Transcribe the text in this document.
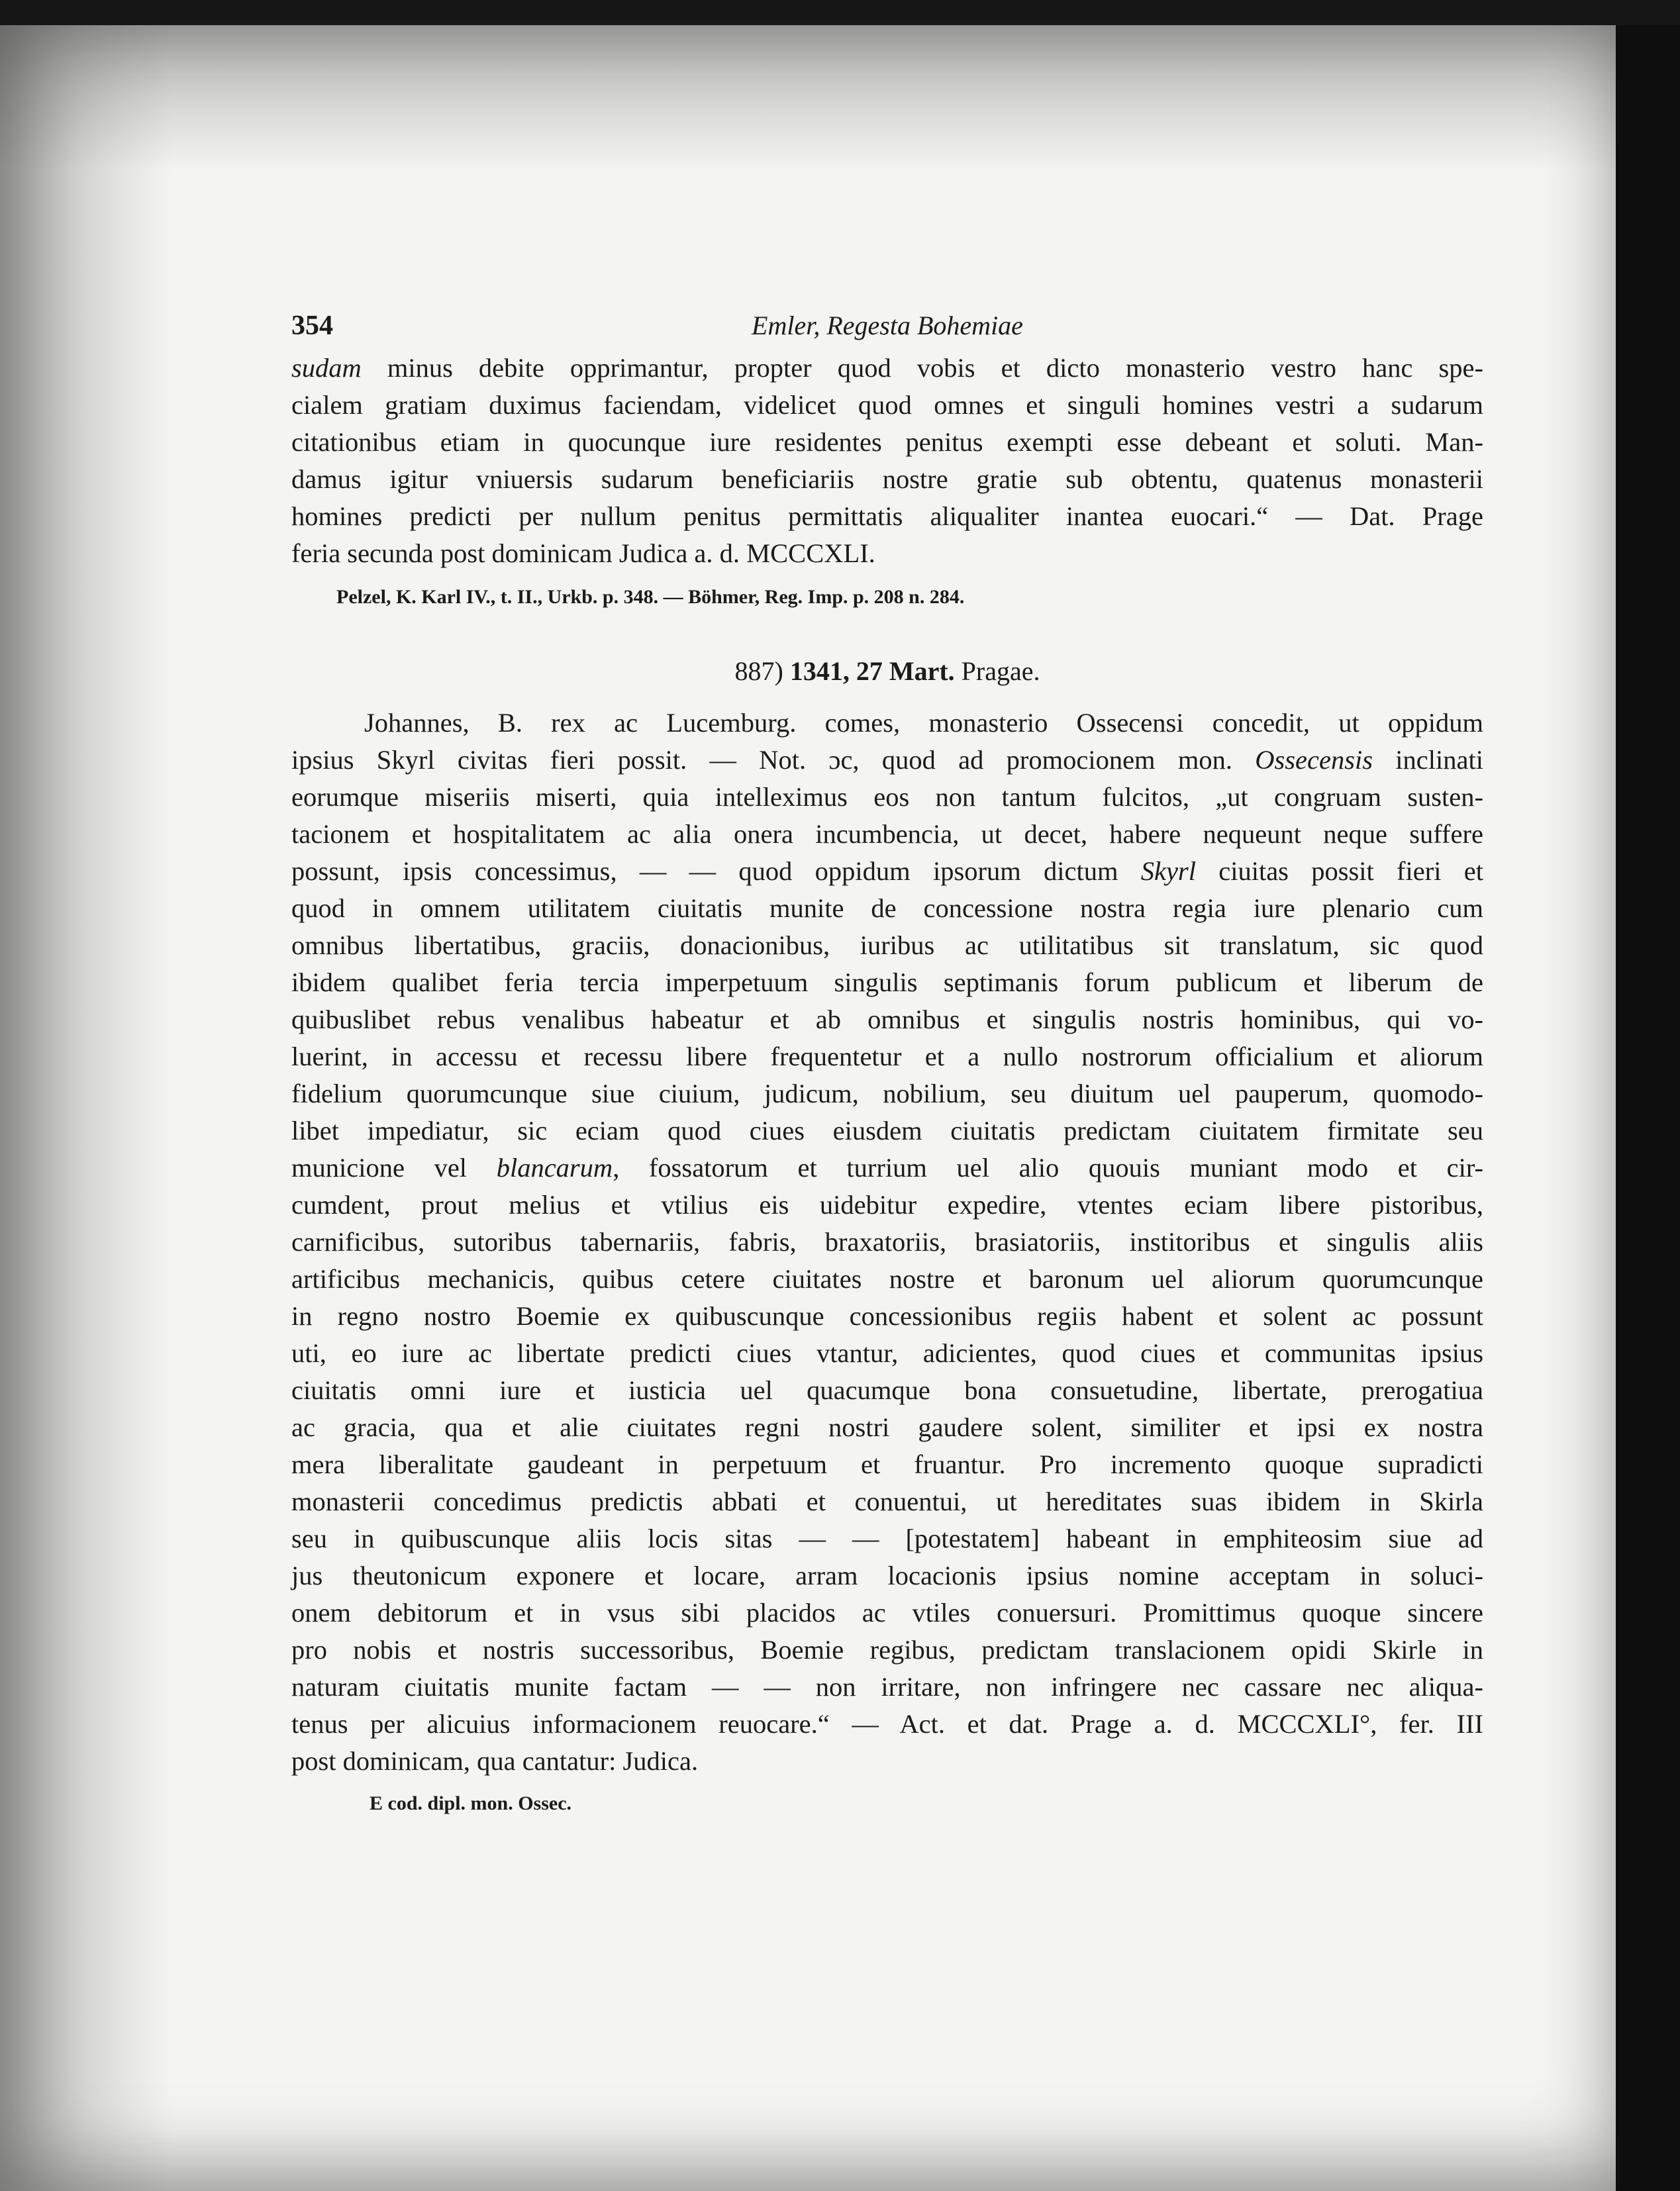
354	Emler, Regesta Bohemiae
sudam minus debite opprimantur, propter quod vobis et dicto monasterio vestro hanc spe-
cialem gratiam duximus faciendam, videlicet quod omnes et singuli homines vestri a sudarum
citationibus etiam in quocunque iure residentes penitus exempti esse debeant et soluti. Man-
damus igitur vniuersis sudarum beneficiariis nostre gratie sub obtentu, quatenus monasterii
homines predicti per nullum penitus permittatis aliqualiter inantea euocari.“ — Dat. Prage
feria secunda post dominicam Judica a. d. MCCCXLI.
Pelzel, K. Karl IV., t. II., Urkb. p. 348. — Böhmer, Reg. Imp. p. 208 n. 284.
887) 1341, 27 Mart. Pragae.
Johannes, B. rex ac Lucemburg. comes, monasterio Ossecensi concedit, ut oppidum
ipsius Skyrl civitas fieri possit. — Not. ɔc, quod ad promocionem mon. Ossecensis inclinati
eorumque miseriis miserti, quia intelleximus eos non tantum fulcitos, „ut congruam susten-
tacionem et hospitalitatem ac alia onera incumbencia, ut decet, habere nequeunt neque suffere
possunt, ipsis concessimus, — — quod oppidum ipsorum dictum Skyrl ciuitas possit fieri et
quod in omnem utilitatem ciuitatis munite de concessione nostra regia iure plenario cum
omnibus libertatibus, graciis, donacionibus, iuribus ac utilitatibus sit translatum, sic quod
ibidem qualibet feria tercia imperpetuum singulis septimanis forum publicum et liberum de
quibuslibet rebus venalibus habeatur et ab omnibus et singulis nostris hominibus, qui vo-
luerint, in accessu et recessu libere frequentetur et a nullo nostrorum officialium et aliorum
fidelium quorumcunque siue ciuium, judicum, nobilium, seu diuitum uel pauperum, quomodo-
libet impediatur, sic eciam quod ciues eiusdem ciuitatis predictam ciuitatem firmitate seu
municione vel blancarum, fossatorum et turrium uel alio quouis muniant modo et cir-
cumdent, prout melius et vtilius eis uidebitur expedire, vtentes eciam libere pistoribus,
carnificibus, sutoribus tabernariis, fabris, braxatoriis, brasiatoriis, institoribus et singulis aliis
artificibus mechanicis, quibus cetere ciuitates nostre et baronum uel aliorum quorumcunque
in regno nostro Boemie ex quibuscunque concessionibus regiis habent et solent ac possunt
uti, eo iure ac libertate predicti ciues vtantur, adicientes, quod ciues et communitas ipsius
ciuitatis omni iure et iusticia uel quacumque bona consuetudine, libertate, prerogatiua
ac gracia, qua et alie ciuitates regni nostri gaudere solent, similiter et ipsi ex nostra
mera liberalitate gaudeant in perpetuum et fruantur. Pro incremento quoque supradicti
monasterii concedimus predictis abbati et conuentui, ut hereditates suas ibidem in Skirla
seu in quibuscunque aliis locis sitas — — [potestatem] habeant in emphiteosim siue ad
jus theutonicum exponere et locare, arram locacionis ipsius nomine acceptam in soluci-
onem debitorum et in vsus sibi placidos ac vtiles conuersuri. Promittimus quoque sincere
pro nobis et nostris successoribus, Boemie regibus, predictam translacionem opidi Skirle in
naturam ciuitatis munite factam — — non irritare, non infringere nec cassare nec aliqua-
tenus per alicuius informacionem reuocare.“ — Act. et dat. Prage a. d. MCCCXLI°, fer. III
post dominicam, qua cantatur: Judica.
E cod. dipl. mon. Ossec.
